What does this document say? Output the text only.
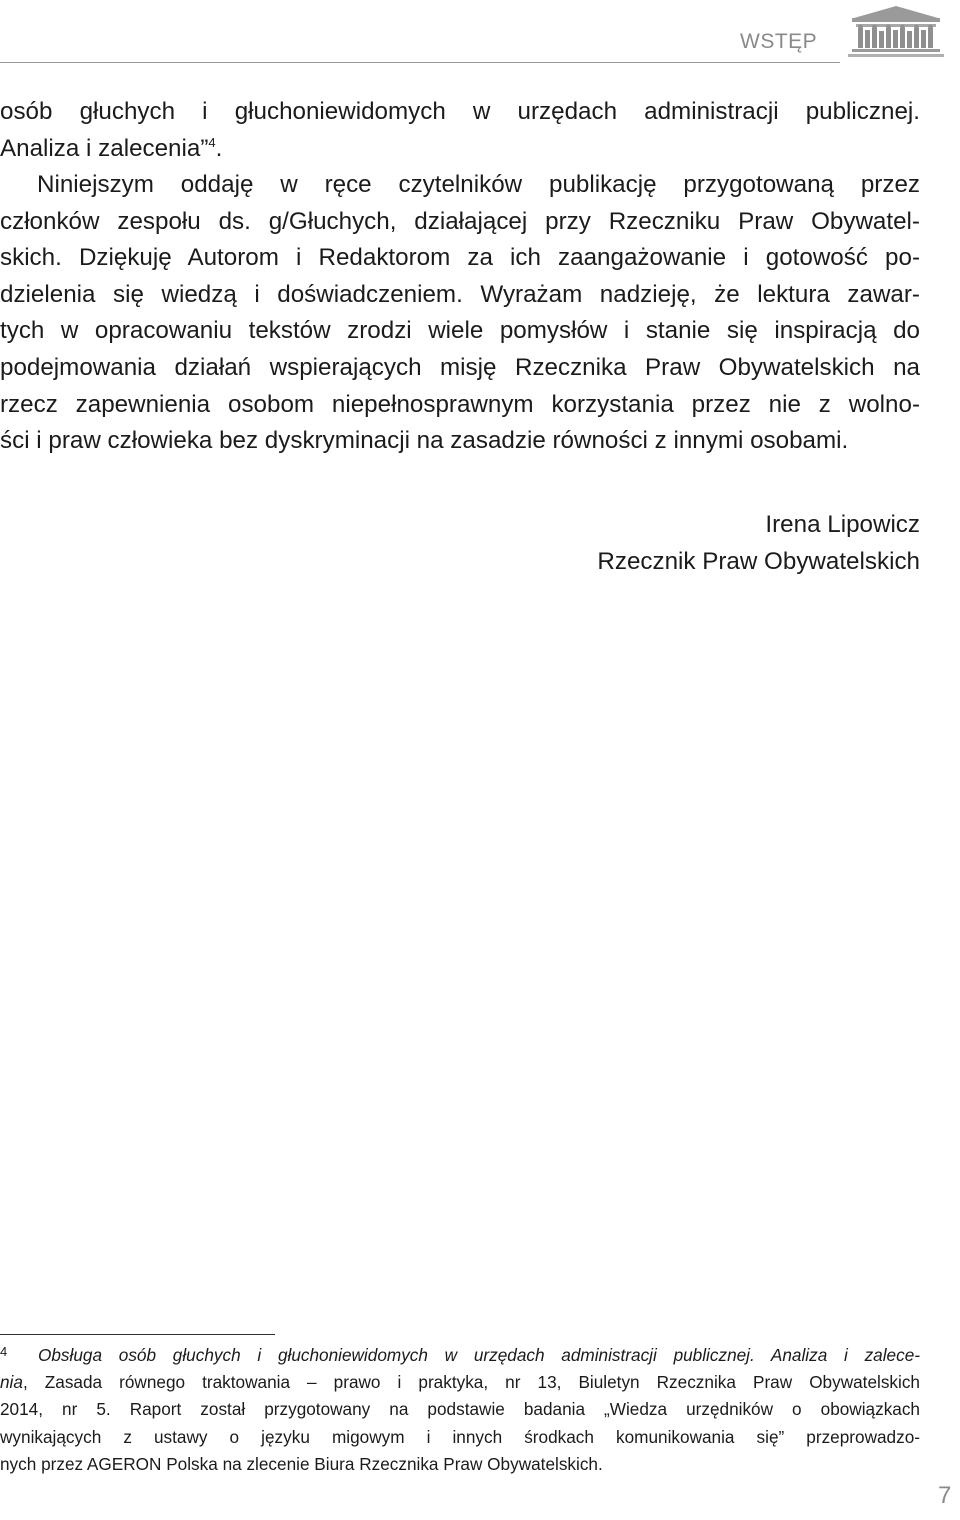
WSTĘP
osób głuchych i głuchoniewidomych w urzędach administracji publicznej.
Analiza i zalecenia”$^4$.
Niniejszym oddaję w ręce czytelników publikację przygotowaną przez
członków zespołu ds. g/Głuchych, działającej przy Rzeczniku Praw Obywatel-
skich. Dziękuję Autorom i Redaktorom za ich zaangażowanie i gotowość po-
dzielenia się wiedzą i doświadczeniem. Wyrażam nadzieję, że lektura zawar-
tych w opracowaniu tekstów zrodzi wiele pomysłów i stanie się inspiracją do
podejmowania działań wspierających misję Rzecznika Praw Obywatelskich na
rzecz zapewnienia osobom niepełnosprawnym korzystania przez nie z wolno-
ści i praw człowieka bez dyskryminacji na zasadzie równości z innymi osobami.
Irena Lipowicz
Rzecznik Praw Obywatelskich
4 Obsługa osób głuchych i głuchoniewidomych w urzędach administracji publicznej. Analiza i zalece-
nia, Zasada równego traktowania – prawo i praktyka, nr 13, Biuletyn Rzecznika Praw Obywatelskich
2014, nr 5. Raport został przygotowany na podstawie badania „Wiedza urzędników o obowiązkach
wynikających z ustawy o języku migowym i innych środkach komunikowania się” przeprowadzo-
nych przez AGERON Polska na zlecenie Biura Rzecznika Praw Obywatelskich.
7
